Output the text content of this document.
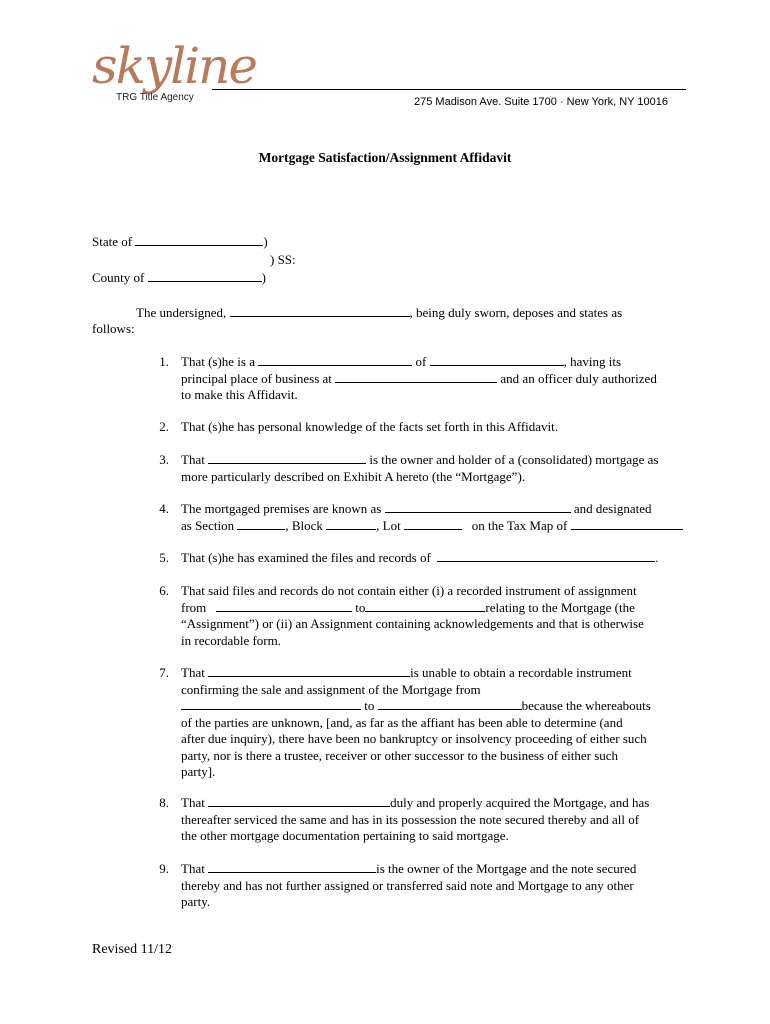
skyline
TRG Title Agency	275 Madison Ave. Suite 1700 · New York, NY 10016
Mortgage Satisfaction/Assignment Affidavit
State of	)
) SS:
County of	)
The undersigned,	, being duly sworn, deposes and states as
follows:
1. That (s)he is a	of	, having its
principal place of business at	and an officer duly authorized
to make this Affidavit.
2. That (s)he has personal knowledge of the facts set forth in this Affidavit.
3. That	is the owner and holder of a (consolidated) mortgage as
more particularly described on Exhibit A hereto (the “Mortgage”).
4. The mortgaged premises are known as	and designated
as Section	, Block	, Lot	on the Tax Map of
5. That (s)he has examined the files and records of	.
6. That said files and records do not contain either (i) a recorded instrument of assignment
from	to	relating to the Mortgage (the
“Assignment”) or (ii) an Assignment containing acknowledgements and that is otherwise
in recordable form.
7. That	is unable to obtain a recordable instrument
confirming the sale and assignment of the Mortgage from
to	because the whereabouts
of the parties are unknown, [and, as far as the affiant has been able to determine (and
after due inquiry), there have been no bankruptcy or insolvency proceeding of either such
party, nor is there a trustee, receiver or other successor to the business of either such
party].
8. That	duly and properly acquired the Mortgage, and has
thereafter serviced the same and has in its possession the note secured thereby and all of
the other mortgage documentation pertaining to said mortgage.
9. That	is the owner of the Mortgage and the note secured
thereby and has not further assigned or transferred said note and Mortgage to any other
party.
Revised 11/12
